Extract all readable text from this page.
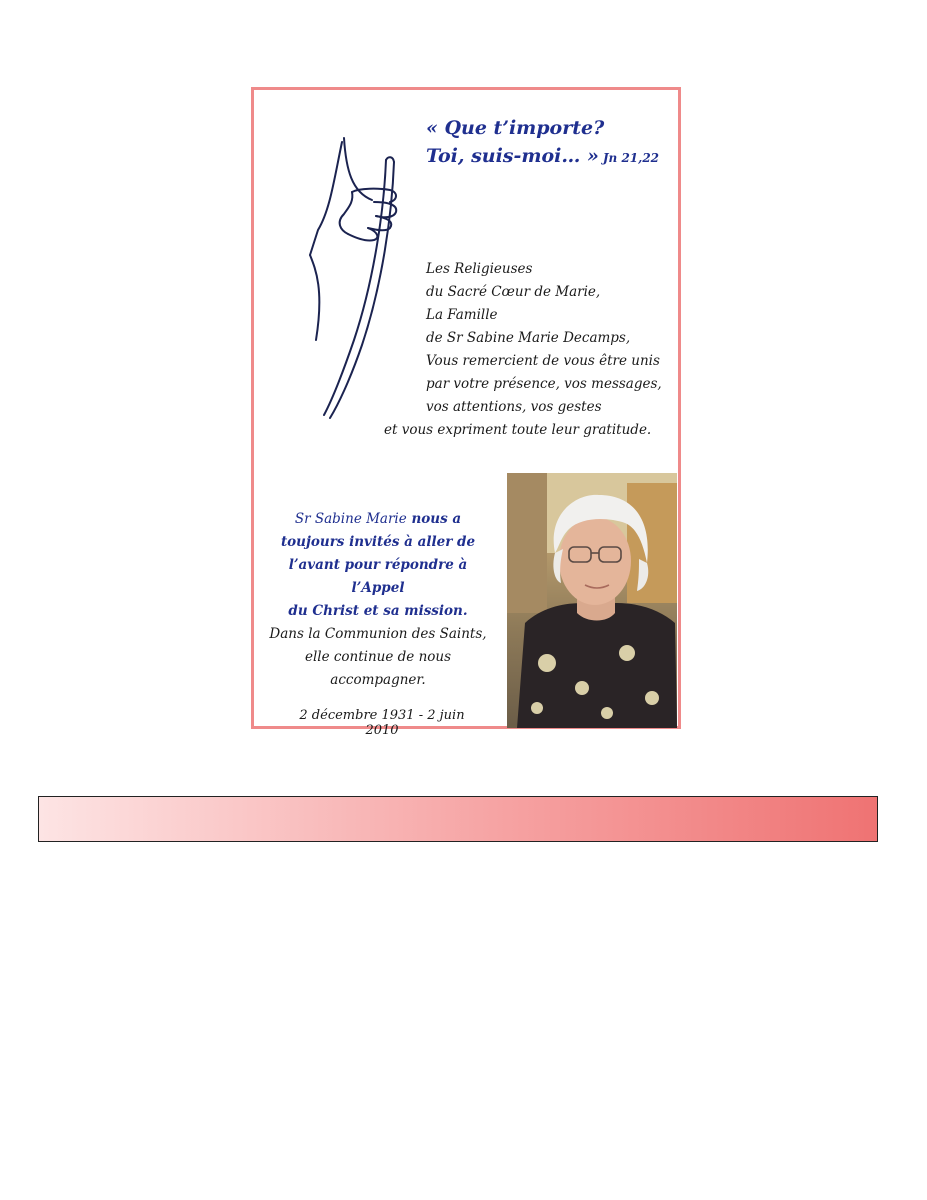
« Que t’importe?
Toi, suis-moi… » Jn 21,22
Les Religieuses
du Sacré Cœur de Marie,
La Famille
de Sr Sabine Marie Decamps,
Vous remercient de vous être unis
par votre présence, vos messages,
vos attentions, vos gestes
et vous expriment toute leur gratitude.
Sr Sabine Marie nous a
toujours invités à aller de
l’avant pour répondre à l’Appel
du Christ et sa mission.
Dans la Communion des Saints,
elle continue de nous
accompagner.
2 décembre 1931 - 2 juin 2010
